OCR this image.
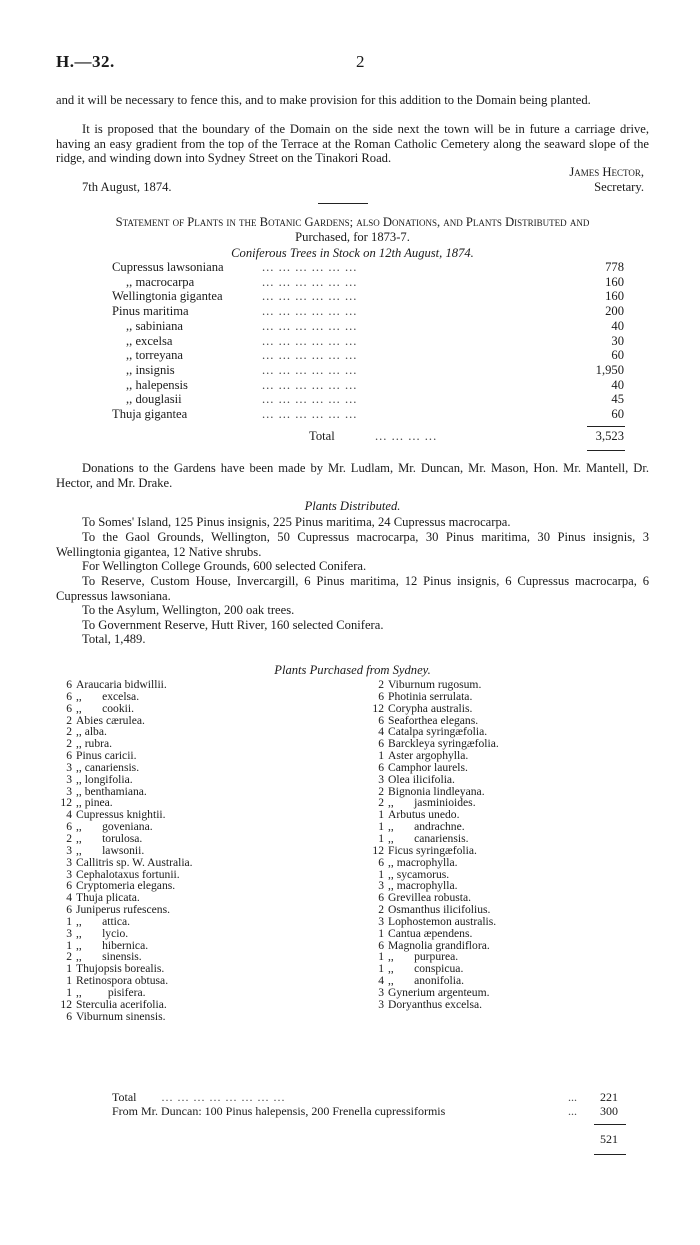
H.—32.	2
and it will be necessary to fence this, and to make provision for this addition to the Domain being planted.
It is proposed that the boundary of the Domain on the side next the town will be in future a carriage drive, having an easy gradient from the top of the Terrace at the Roman Catholic Cemetery along the seaward slope of the ridge, and winding down into Sydney Street on the Tinakori Road.
James Hector,
7th August, 1874.	Secretary.
Statement of Plants in the Botanic Gardens; also Donations, and Plants Distributed and
Purchased, for 1873-7.
Coniferous Trees in Stock on 12th August, 1874.
Cupressus lawsoniana	... ... ... ... ... ...	778
,, macrocarpa	... ... ... ... ... ...	160
Wellingtonia gigantea	... ... ... ... ... ...	160
Pinus maritima	... ... ... ... ... ...	200
,, sabiniana	... ... ... ... ... ...	40
,, excelsa	... ... ... ... ... ...	30
,, torreyana	... ... ... ... ... ...	60
,, insignis	... ... ... ... ... ...	1,950
,, halepensis	... ... ... ... ... ...	40
,, douglasii	... ... ... ... ... ...	45
Thuja gigantea	... ... ... ... ... ...	60
Total	... ... ... ...	3,523
Donations to the Gardens have been made by Mr. Ludlam, Mr. Duncan, Mr. Mason, Hon. Mr. Mantell, Dr. Hector, and Mr. Drake.
Plants Distributed.
To Somes' Island, 125 Pinus insignis, 225 Pinus maritima, 24 Cupressus macrocarpa.
To the Gaol Grounds, Wellington, 50 Cupressus macrocarpa, 30 Pinus maritima, 30 Pinus insignis, 3 Wellingtonia gigantea, 12 Native shrubs.
For Wellington College Grounds, 600 selected Conifera.
To Reserve, Custom House, Invercargill, 6 Pinus maritima, 12 Pinus insignis, 6 Cupressus macrocarpa, 6 Cupressus lawsoniana.
To the Asylum, Wellington, 200 oak trees.
To Government Reserve, Hutt River, 160 selected Conifera.
Total, 1,489.
Plants Purchased from Sydney.
6 Araucaria bidwillii.
6 ,,       excelsa.
6 ,,       cookii.
2 Abies cærulea.
2 ,, alba.
2 ,, rubra.
6 Pinus caricii.
3 ,, canariensis.
3 ,, longifolia.
3 ,, benthamiana.
12 ,, pinea.
4 Cupressus knightii.
6 ,,       goveniana.
2 ,,       torulosa.
3 ,,       lawsonii.
3 Callitris sp. W. Australia.
3 Cephalotaxus fortunii.
6 Cryptomeria elegans.
4 Thuja plicata.
6 Juniperus rufescens.
1 ,,       attica.
3 ,,       lycio.
1 ,,       hibernica.
2 ,,       sinensis.
1 Thujopsis borealis.
1 Retinospora obtusa.
1 ,,         pisifera.
12 Sterculia acerifolia.
6 Viburnum sinensis.
2 Viburnum rugosum.
6 Photinia serrulata.
12 Corypha australis.
6 Seaforthea elegans.
4 Catalpa syringæfolia.
6 Barckleya syringæfolia.
1 Aster argophylla.
6 Camphor laurels.
3 Olea ilicifolia.
2 Bignonia lindleyana.
2 ,,       jasminioides.
1 Arbutus unedo.
1 ,,       andrachne.
1 ,,       canariensis.
12 Ficus syringæfolia.
6 ,, macrophylla.
1 ,, sycamorus.
3 ,, macrophylla.
6 Grevillea robusta.
2 Osmanthus ilicifolius.
3 Lophostemon australis.
1 Cantua æpendens.
6 Magnolia grandiflora.
1 ,,       purpurea.
1 ,,       conspicua.
4 ,,       anonifolia.
3 Gynerium argenteum.
3 Doryanthus excelsa.
Total ... ... ... ... ... ... ... ...	... 221
From Mr. Duncan: 100 Pinus halepensis, 200 Frenella cupressiformis	... 300
521
